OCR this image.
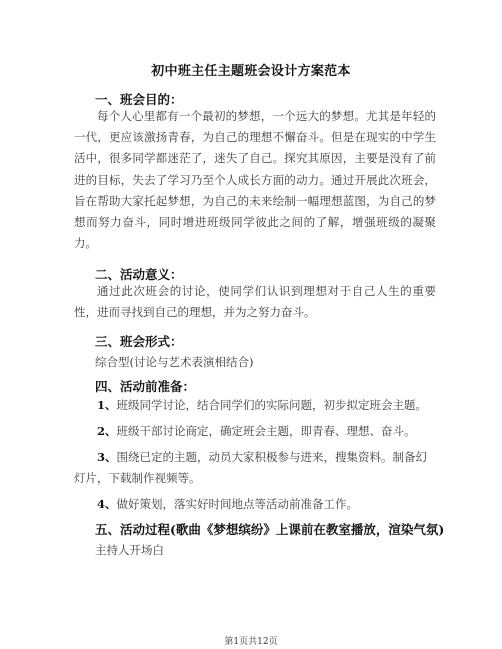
初中班主任主题班会设计方案范本
一、班会目的：
每个人心里都有一个最初的梦想，一个远大的梦想。尤其是年轻的一代，更应该激扬青春，为自己的理想不懈奋斗。但是在现实的中学生活中，很多同学都迷茫了，迷失了自己。探究其原因，主要是没有了前进的目标，失去了学习乃至个人成长方面的动力。通过开展此次班会，旨在帮助大家托起梦想，为自己的未来绘制一幅理想蓝图，为自己的梦想而努力奋斗，同时增进班级同学彼此之间的了解，增强班级的凝聚力。
二、活动意义：
通过此次班会的讨论，使同学们认识到理想对于自己人生的重要性，进而寻找到自己的理想，并为之努力奋斗。
三、班会形式：
综合型(讨论与艺术表演相结合)
四、活动前准备：
1、班级同学讨论，结合同学们的实际问题，初步拟定班会主题。
2、班级干部讨论商定，确定班会主题，即青春、理想、奋斗。
3、围绕已定的主题，动员大家积极参与进来，搜集资料。制备幻灯片，下载制作视频等。
4、做好策划，落实好时间地点等活动前准备工作。
五、活动过程(歌曲《梦想缤纷》上课前在教室播放，渲染气氛)
主持人开场白
第1页共12页
